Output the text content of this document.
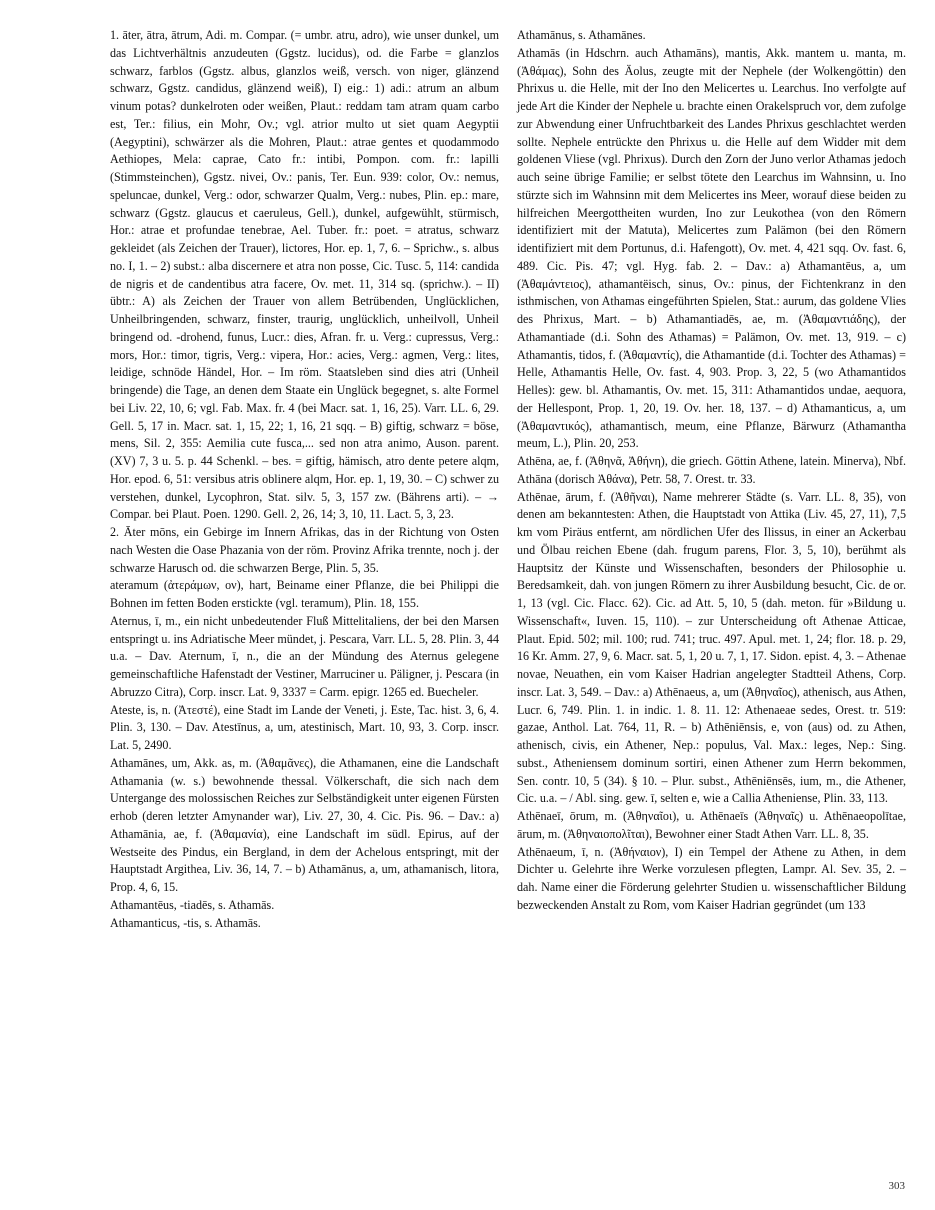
1. āter, ātra, ātrum, Adi. m. Compar. (= umbr. atru, adro), wie unser dunkel, um das Lichtverhältnis anzudeuten (Ggstz. lucidus), od. die Farbe = glanzlos schwarz, farblos (Ggstz. albus, glanzlos weiß, versch. von niger, glänzend schwarz, Ggstz. candidus, glänzend weiß), I) eig.: 1) adi.: atrum an album vinum potas? dunkelroten oder weißen, Plaut.: reddam tam atram quam carbo est, Ter.: filius, ein Mohr, Ov.; vgl. atrior multo ut siet quam Aegyptii (Aegyptini), schwärzer als die Mohren, Plaut.: atrae gentes et quodammodo Aethiopes, Mela: caprae, Cato fr.: intibi, Pompon. com. fr.: lapilli (Stimmsteinchen), Ggstz. nivei, Ov.: panis, Ter. Eun. 939: color, Ov.: nemus, speluncae, dunkel, Verg.: odor, schwarzer Qualm, Verg.: nubes, Plin. ep.: mare, schwarz (Ggstz. glaucus et caeruleus, Gell.), dunkel, aufgewühlt, stürmisch, Hor.: atrae et profundae tenebrae, Ael. Tuber. fr.: poet. = atratus, schwarz gekleidet (als Zeichen der Trauer), lictores, Hor. ep. 1, 7, 6. – Sprichw., s. albus no. I, 1. – 2) subst.: alba discernere et atra non posse, Cic. Tusc. 5, 114: candida de nigris et de candentibus atra facere, Ov. met. 11, 314 sq. (sprichw.). – II) übtr.: A) als Zeichen der Trauer von allem Betrübenden, Unglücklichen, Unheilbringenden, schwarz, finster, traurig, unglücklich, unheilvoll, Unheil bringend od. -drohend, funus, Lucr.: dies, Afran. fr. u. Verg.: cupressus, Verg.: mors, Hor.: timor, tigris, Verg.: vipera, Hor.: acies, Verg.: agmen, Verg.: lites, leidige, schnöde Händel, Hor. – Im röm. Staatsleben sind dies atri (Unheil bringende) die Tage, an denen dem Staate ein Unglück begegnet, s. alte Formel bei Liv. 22, 10, 6; vgl. Fab. Max. fr. 4 (bei Macr. sat. 1, 16, 25). Varr. LL. 6, 29. Gell. 5, 17 in. Macr. sat. 1, 15, 22; 1, 16, 21 sqq. – B) giftig, schwarz = böse, mens, Sil. 2, 355: Aemilia cute fusca,... sed non atra animo, Auson. parent. (XV) 7, 3 u. 5. p. 44 Schenkl. – bes. = giftig, hämisch, atro dente petere alqm, Hor. epod. 6, 51: versibus atris oblinere alqm, Hor. ep. 1, 19, 30. – C) schwer zu verstehen, dunkel, Lycophron, Stat. silv. 5, 3, 157 zw. (Bährens arti). – → Compar. bei Plaut. Poen. 1290. Gell. 2, 26, 14; 3, 10, 11. Lact. 5, 3, 23.

2. Āter mōns, ein Gebirge im Innern Afrikas, das in der Richtung von Osten nach Westen die Oase Phazania von der röm. Provinz Afrika trennte, noch j. der schwarze Harusch od. die schwarzen Berge, Plin. 5, 35.

ateramum (ἀτεράμων, ον), hart, Beiname einer Pflanze, die bei Philippi die Bohnen im fetten Boden erstickte (vgl. teramum), Plin. 18, 155.

Aternus, ī, m., ein nicht unbedeutender Fluß Mittelitaliens, der bei den Marsen entspringt u. ins Adriatische Meer mündet, j. Pescara, Varr. LL. 5, 28. Plin. 3, 44 u.a. – Dav. Aternum, ī, n., die an der Mündung des Aternus gelegene gemeinschaftliche Hafenstadt der Vestiner, Marruciner u. Päligner, j. Pescara (in Abruzzo Citra), Corp. inscr. Lat. 9, 3337 = Carm. epigr. 1265 ed. Buecheler.

Ateste, is, n. (Ἀτεστέ), eine Stadt im Lande der Veneti, j. Este, Tac. hist. 3, 6, 4. Plin. 3, 130. – Dav. Atestīnus, a, um, atestinisch, Mart. 10, 93, 3. Corp. inscr. Lat. 5, 2490.

Athamānes, um, Akk. as, m. (Ἀθαμᾶνες), die Athamanen, eine die Landschaft Athamania (w. s.) bewohnende thessal. Völkerschaft, die sich nach dem Untergange des molossischen Reiches zur Selbständigkeit unter eigenen Fürsten erhob (deren letzter Amynander war), Liv. 27, 30, 4. Cic. Pis. 96. – Dav.: a) Athamānia, ae, f. (Ἀθαμανία), eine Landschaft im südl. Epirus, auf der Westseite des Pindus, ein Bergland, in dem der Achelous entspringt, mit der Hauptstadt Argithea, Liv. 36, 14, 7. – b) Athamānus, a, um, athamanisch, litora, Prop. 4, 6, 15.

Athamantēus, -tiadēs, s. Athamās.

Athamanticus, -tis, s. Athamās.

Athamānus, s. Athamānes.

Athamās (in Hdschrn. auch Athamāns), mantis, Akk. mantem u. manta, m. (Ἀθάμας), Sohn des Äolus, zeugte mit der Nephele (der Wolkengöttin) den Phrixus u. die Helle, mit der Ino den Melicertes u. Learchus. Ino verfolgte auf jede Art die Kinder der Nephele u. brachte einen Orakelspruch vor, dem zufolge zur Abwendung einer Unfruchtbarkeit des Landes Phrixus geschlachtet werden sollte. Nephele entrückte den Phrixus u. die Helle auf dem Widder mit dem goldenen Vliese (vgl. Phrixus). Durch den Zorn der Juno verlor Athamas jedoch auch seine übrige Familie; er selbst tötete den Learchus im Wahnsinn, u. Ino stürzte sich im Wahnsinn mit dem Melicertes ins Meer, worauf diese beiden zu hilfreichen Meergottheiten wurden, Ino zur Leukothea (von den Römern identifiziert mit der Matuta), Melicertes zum Palämon (bei den Römern identifiziert mit dem Portunus, d.i. Hafengott), Ov. met. 4, 421 sqq. Ov. fast. 6, 489. Cic. Pis. 47; vgl. Hyg. fab. 2. – Dav.: a) Athamantēus, a, um (Ἀθαμάντειος), athamantëisch, sinus, Ov.: pinus, der Fichtenkranz in den isthmischen, von Athamas eingeführten Spielen, Stat.: aurum, das goldene Vlies des Phrixus, Mart. – b) Athamantiadēs, ae, m. (Ἀθαμαντιάδης), der Athamantiade (d.i. Sohn des Athamas) = Palämon, Ov. met. 13, 919. – c) Athamantis, tidos, f. (Ἀθαμαντίς), die Athamantide (d.i. Tochter des Athamas) = Helle, Athamantis Helle, Ov. fast. 4, 903. Prop. 3, 22, 5 (wo Athamantidos Helles): gew. bl. Athamantis, Ov. met. 15, 311: Athamantidos undae, aequora, der Hellespont, Prop. 1, 20, 19. Ov. her. 18, 137. – d) Athamanticus, a, um (Ἀθαμαντικός), athamantisch, meum, eine Pflanze, Bärwurz (Athamantha meum, L.), Plin. 20, 253.

Athēna, ae, f. (Ἀθηνᾶ, Ἀθήνη), die griech. Göttin Athene, latein. Minerva), Nbf. Athāna (dorisch Ἀθάνα), Petr. 58, 7. Orest. tr. 33.

Athēnae, ārum, f. (Ἀθῆναι), Name mehrerer Städte (s. Varr. LL. 8, 35), von denen am bekanntesten: Athen, die Hauptstadt von Attika (Liv. 45, 27, 11), 7,5 km vom Piräus entfernt, am nördlichen Ufer des Ilissus, in einer an Ackerbau und Ölbau reichen Ebene (dah. frugum parens, Flor. 3, 5, 10), berühmt als Hauptsitz der Künste und Wissenschaften, besonders der Philosophie u. Beredsamkeit, dah. von jungen Römern zu ihrer Ausbildung besucht, Cic. de or. 1, 13 (vgl. Cic. Flacc. 62). Cic. ad Att. 5, 10, 5 (dah. meton. für »Bildung u. Wissenschaft«, Iuven. 15, 110). – zur Unterscheidung oft Athenae Atticae, Plaut. Epid. 502; mil. 100; rud. 741; truc. 497. Apul. met. 1, 24; flor. 18. p. 29, 16 Kr. Amm. 27, 9, 6. Macr. sat. 5, 1, 20 u. 7, 1, 17. Sidon. epist. 4, 3. – Athenae novae, Neuathen, ein vom Kaiser Hadrian angelegter Stadtteil Athens, Corp. inscr. Lat. 3, 549. – Dav.: a) Athēnaeus, a, um (Ἀθηναῖος), athenisch, aus Athen, Lucr. 6, 749. Plin. 1. in indic. 1. 8. 11. 12: Athenaeae sedes, Orest. tr. 519: gazae, Anthol. Lat. 764, 11, R. – b) Athēniēnsis, e, von (aus) od. zu Athen, athenisch, civis, ein Athener, Nep.: populus, Val. Max.: leges, Nep.: Sing. subst., Atheniensem dominum sortiri, einen Athener zum Herrn bekommen, Sen. contr. 10, 5 (34). § 10. – Plur. subst., Athēniēnsēs, ium, m., die Athener, Cic. u.a. – / Abl. sing. gew. ī, selten e, wie a Callia Atheniense, Plin. 33, 113.

Athēnaeī, ōrum, m. (Ἀθηναῖοι), u. Athēnaeīs (Ἀθηναῖς) u. Athēnaeopolītae, ārum, m. (Ἀθηναιοπολῖται), Bewohner einer Stadt Athen Varr. LL. 8, 35.

Athēnaeum, ī, n. (Ἀθήναιον), I) ein Tempel der Athene zu Athen, in dem Dichter u. Gelehrte ihre Werke vorzulesen pflegten, Lampr. Al. Sev. 35, 2. – dah. Name einer die Förderung gelehrter Studien u. wissenschaftlicher Bildung bezweckenden Anstalt zu Rom, vom Kaiser Hadrian gegründet (um 133

303
